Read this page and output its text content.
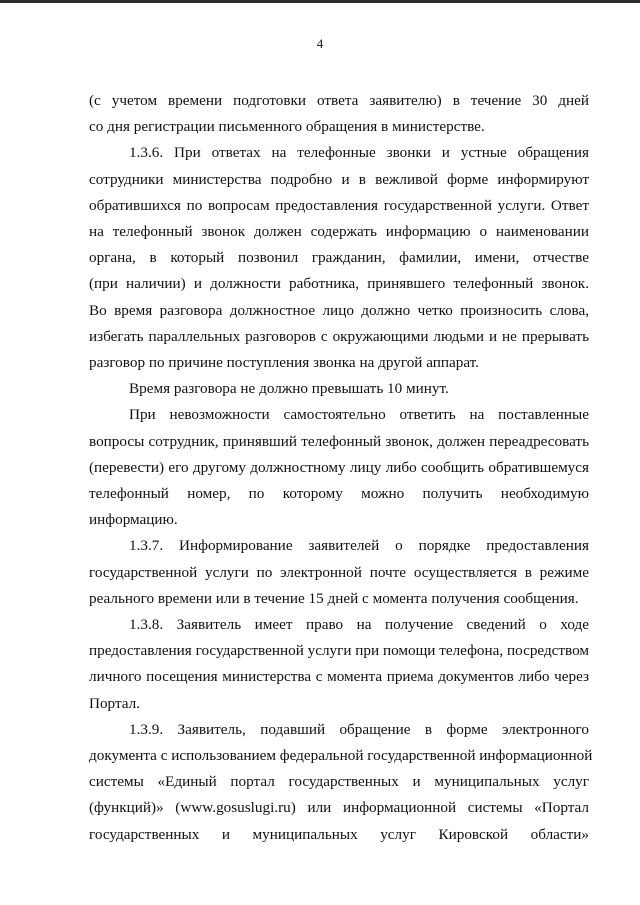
4

(с учетом времени подготовки ответа заявителю) в течение 30 дней
со дня регистрации письменного обращения в министерстве.

1.3.6. При ответах на телефонные звонки и устные обращения
сотрудники министерства подробно и в вежливой форме информируют
обратившихся по вопросам предоставления государственной услуги. Ответ
на телефонный звонок должен содержать информацию о наименовании
органа, в который позвонил гражданин, фамилии, имени, отчестве
(при наличии) и должности работника, принявшего телефонный звонок.
Во время разговора должностное лицо должно четко произносить слова,
избегать параллельных разговоров с окружающими людьми и не прерывать
разговор по причине поступления звонка на другой аппарат.

Время разговора не должно превышать 10 минут.

При невозможности самостоятельно ответить на поставленные
вопросы сотрудник, принявший телефонный звонок, должен переадресовать
(перевести) его другому должностному лицу либо сообщить обратившемуся
телефонный номер, по которому можно получить необходимую
информацию.

1.3.7. Информирование заявителей о порядке предоставления
государственной услуги по электронной почте осуществляется в режиме
реального времени или в течение 15 дней с момента получения сообщения.

1.3.8. Заявитель имеет право на получение сведений о ходе
предоставления государственной услуги при помощи телефона, посредством
личного посещения министерства с момента приема документов либо через
Портал.

1.3.9. Заявитель, подавший обращение в форме электронного
документа с использованием федеральной государственной информационной
системы «Единый портал государственных и муниципальных услуг
(функций)» (www.gosuslugi.ru) или информационной системы «Портал
государственных и муниципальных услуг Кировской области»
